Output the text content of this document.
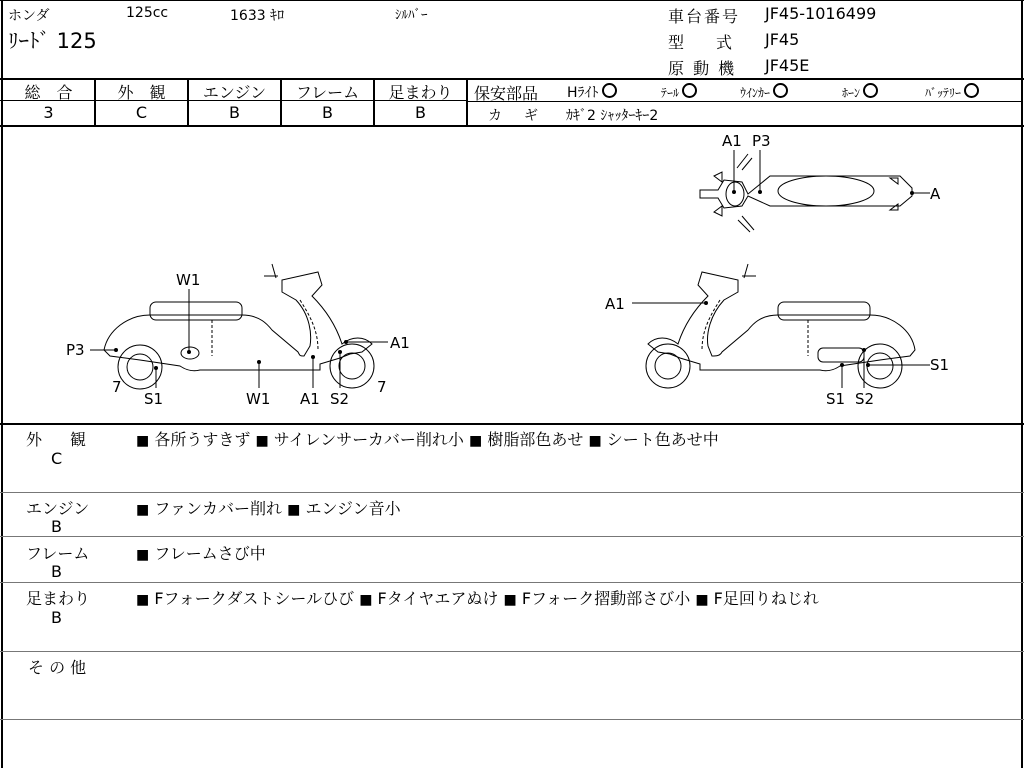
ホンダ	125cc	1633 ｷﾛ	ｼﾙﾊﾞｰ
ﾘｰﾄﾞ 125
車台番号 JF45-1016499
型　式 JF45
原 動 機 JF45E
総　合
3
外　観
C
エンジン
B
フレーム
B
足まわり
B
保安部品 Hﾗｲﾄ	ﾃｰﾙ	ｳｲﾝｶｰ	ﾎｰﾝ	ﾊﾞｯﾃﾘｰ
カ　ギ ｶｷﾞ2 ｼｬｯﾀｰｷｰ2
W1
P3
7
S1	W1 A1 S2
7
A1
A1 P3
A
A1
S1
S1 S2
外　観
C
■ 各所うすきず ■ サイレンサーカバー削れ小 ■ 樹脂部色あせ ■ シート色あせ中
エンジン
B
■ ファンカバー削れ ■ エンジン音小
フレーム
B
■ フレームさび中
足まわり
B
■ Fフォークダストシールひび ■ Fタイヤエアぬけ ■ Fフォーク摺動部さび小 ■ F足回りねじれ
そ の 他
